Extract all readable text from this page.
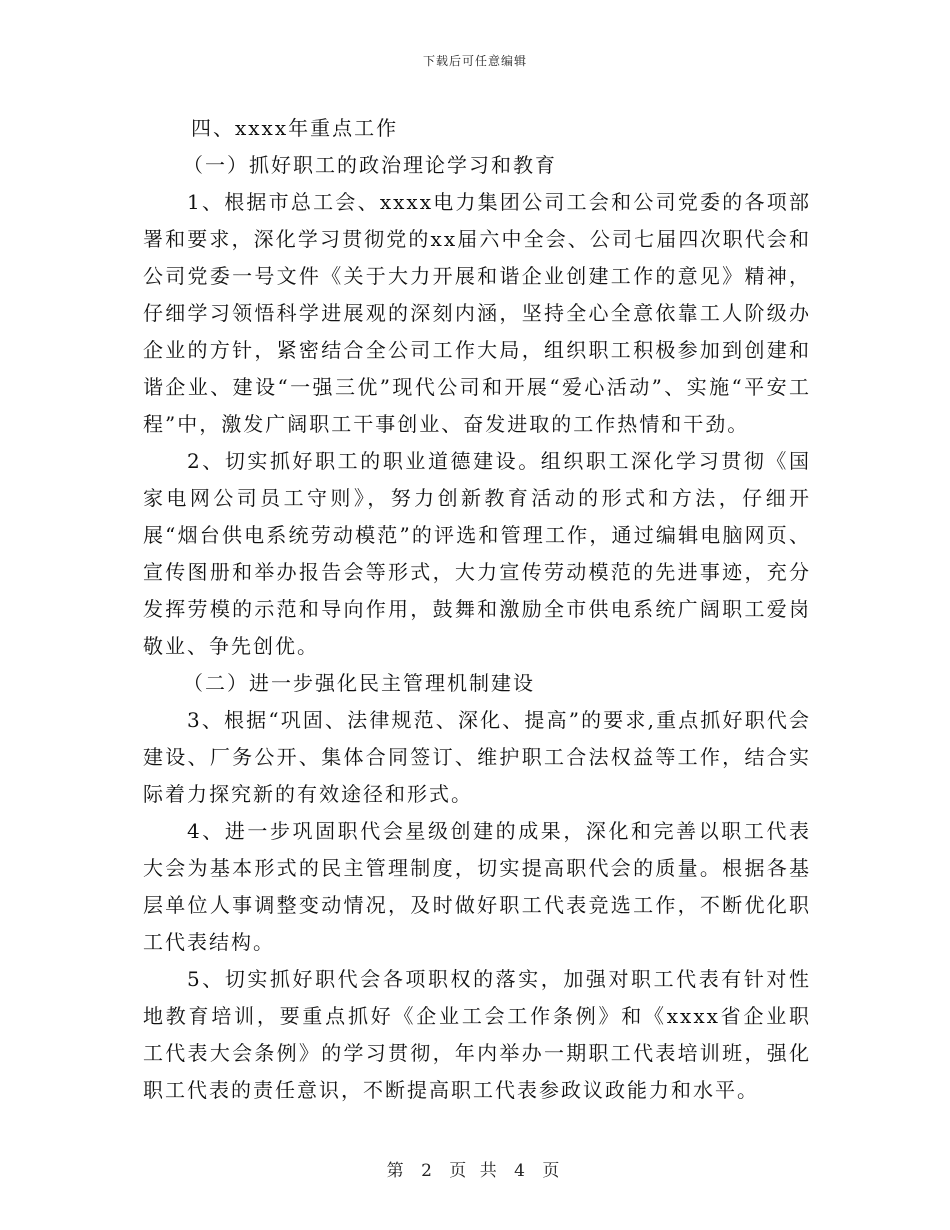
下载后可任意编辑

四、xxxx年重点工作

（一）抓好职工的政治理论学习和教育

1、根据市总工会、xxxx电力集团公司工会和公司党委的各项部署和要求，深化学习贯彻党的xx届六中全会、公司七届四次职代会和公司党委一号文件《关于大力开展和谐企业创建工作的意见》精神，仔细学习领悟科学进展观的深刻内涵，坚持全心全意依靠工人阶级办企业的方针，紧密结合全公司工作大局，组织职工积极参加到创建和谐企业、建设“一强三优”现代公司和开展“爱心活动”、实施“平安工程”中，激发广阔职工干事创业、奋发进取的工作热情和干劲。

2、切实抓好职工的职业道德建设。组织职工深化学习贯彻《国家电网公司员工守则》，努力创新教育活动的形式和方法，仔细开展“烟台供电系统劳动模范”的评选和管理工作，通过编辑电脑网页、宣传图册和举办报告会等形式，大力宣传劳动模范的先进事迹，充分发挥劳模的示范和导向作用，鼓舞和激励全市供电系统广阔职工爱岗敬业、争先创优。

（二）进一步强化民主管理机制建设

3、根据“巩固、法律规范、深化、提高”的要求,重点抓好职代会建设、厂务公开、集体合同签订、维护职工合法权益等工作，结合实际着力探究新的有效途径和形式。

4、进一步巩固职代会星级创建的成果，深化和完善以职工代表大会为基本形式的民主管理制度，切实提高职代会的质量。根据各基层单位人事调整变动情况，及时做好职工代表竞选工作，不断优化职工代表结构。

5、切实抓好职代会各项职权的落实，加强对职工代表有针对性地教育培训，要重点抓好《企业工会工作条例》和《xxxx省企业职工代表大会条例》的学习贯彻，年内举办一期职工代表培训班，强化职工代表的责任意识，不断提高职工代表参政议政能力和水平。

第 2 页 共 4 页
